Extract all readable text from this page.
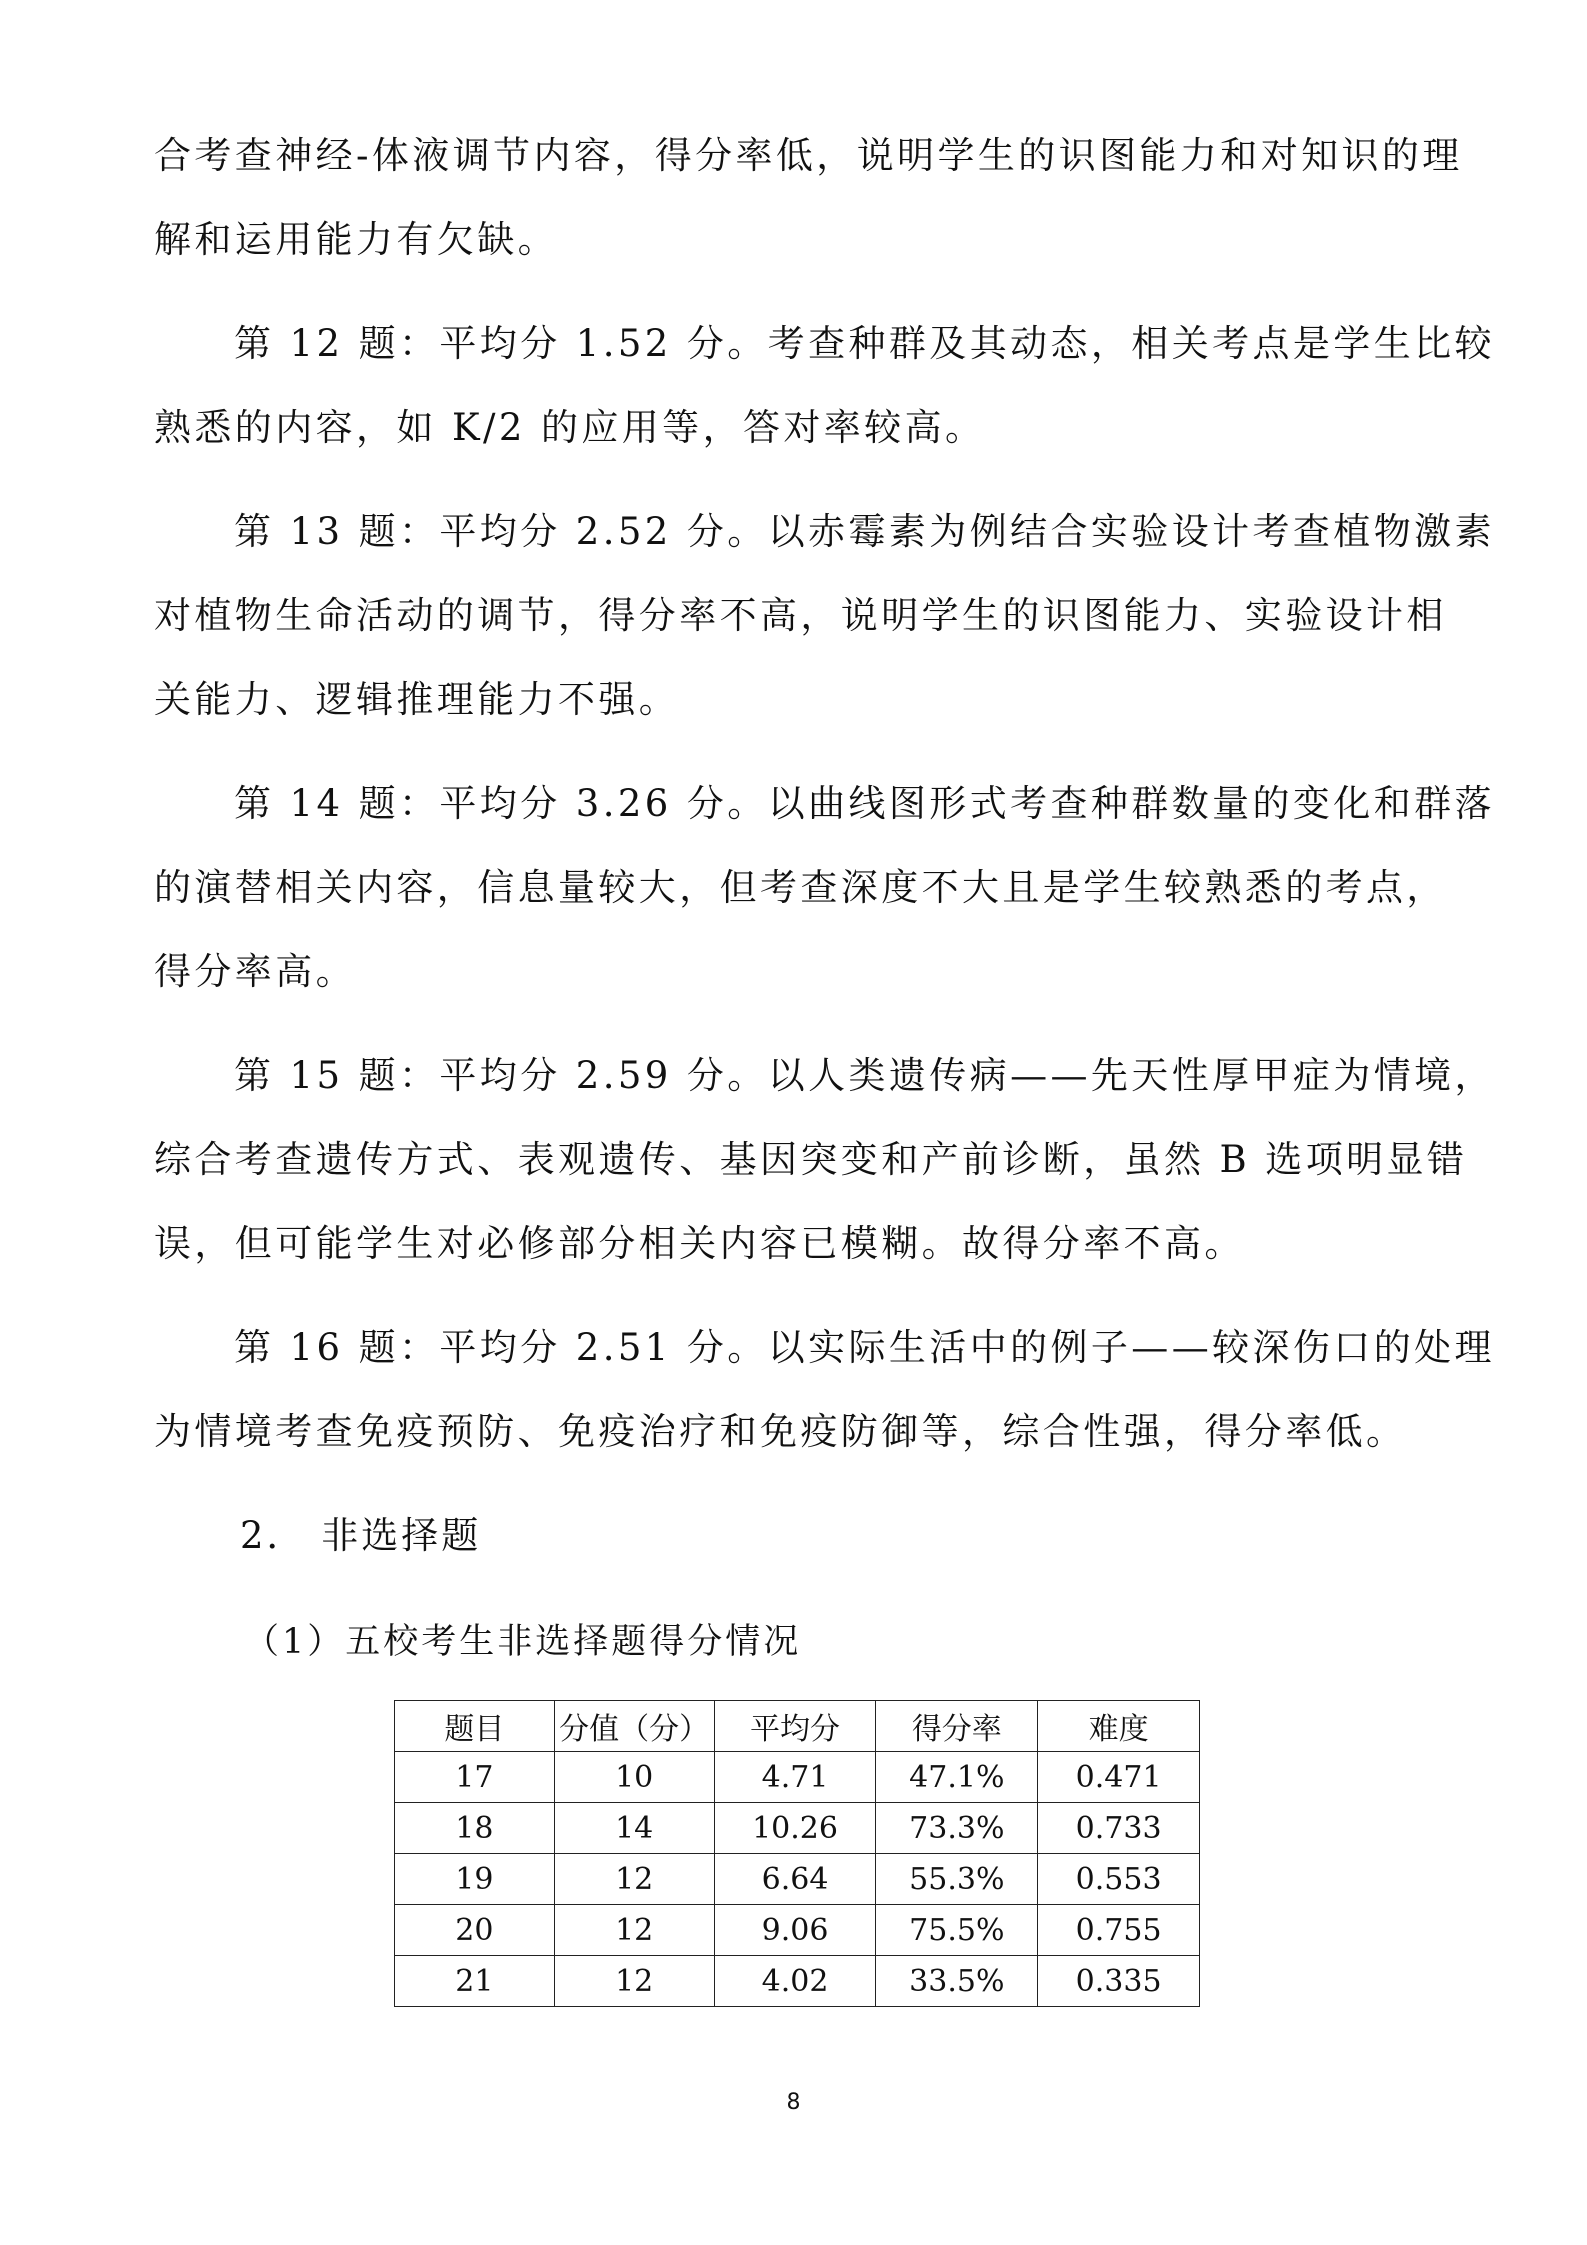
合考查神经-体液调节内容，得分率低，说明学生的识图能力和对知识的理
解和运用能力有欠缺。
第 12 题：平均分 1.52 分。考查种群及其动态，相关考点是学生比较
熟悉的内容，如 K/2 的应用等，答对率较高。
第 13 题：平均分 2.52 分。以赤霉素为例结合实验设计考查植物激素
对植物生命活动的调节，得分率不高，说明学生的识图能力、实验设计相
关能力、逻辑推理能力不强。
第 14 题：平均分 3.26 分。以曲线图形式考查种群数量的变化和群落
的演替相关内容，信息量较大，但考查深度不大且是学生较熟悉的考点，
得分率高。
第 15 题：平均分 2.59 分。以人类遗传病——先天性厚甲症为情境，
综合考查遗传方式、表观遗传、基因突变和产前诊断，虽然 B 选项明显错
误，但可能学生对必修部分相关内容已模糊。故得分率不高。
第 16 题：平均分 2.51 分。以实际生活中的例子——较深伤口的处理
为情境考查免疫预防、免疫治疗和免疫防御等，综合性强，得分率低。
2． 非选择题
（1）五校考生非选择题得分情况
题目	分值（分）	平均分	得分率	难度
17	10	4.71	47.1%	0.471
18	14	10.26	73.3%	0.733
19	12	6.64	55.3%	0.553
20	12	9.06	75.5%	0.755
21	12	4.02	33.5%	0.335
8
